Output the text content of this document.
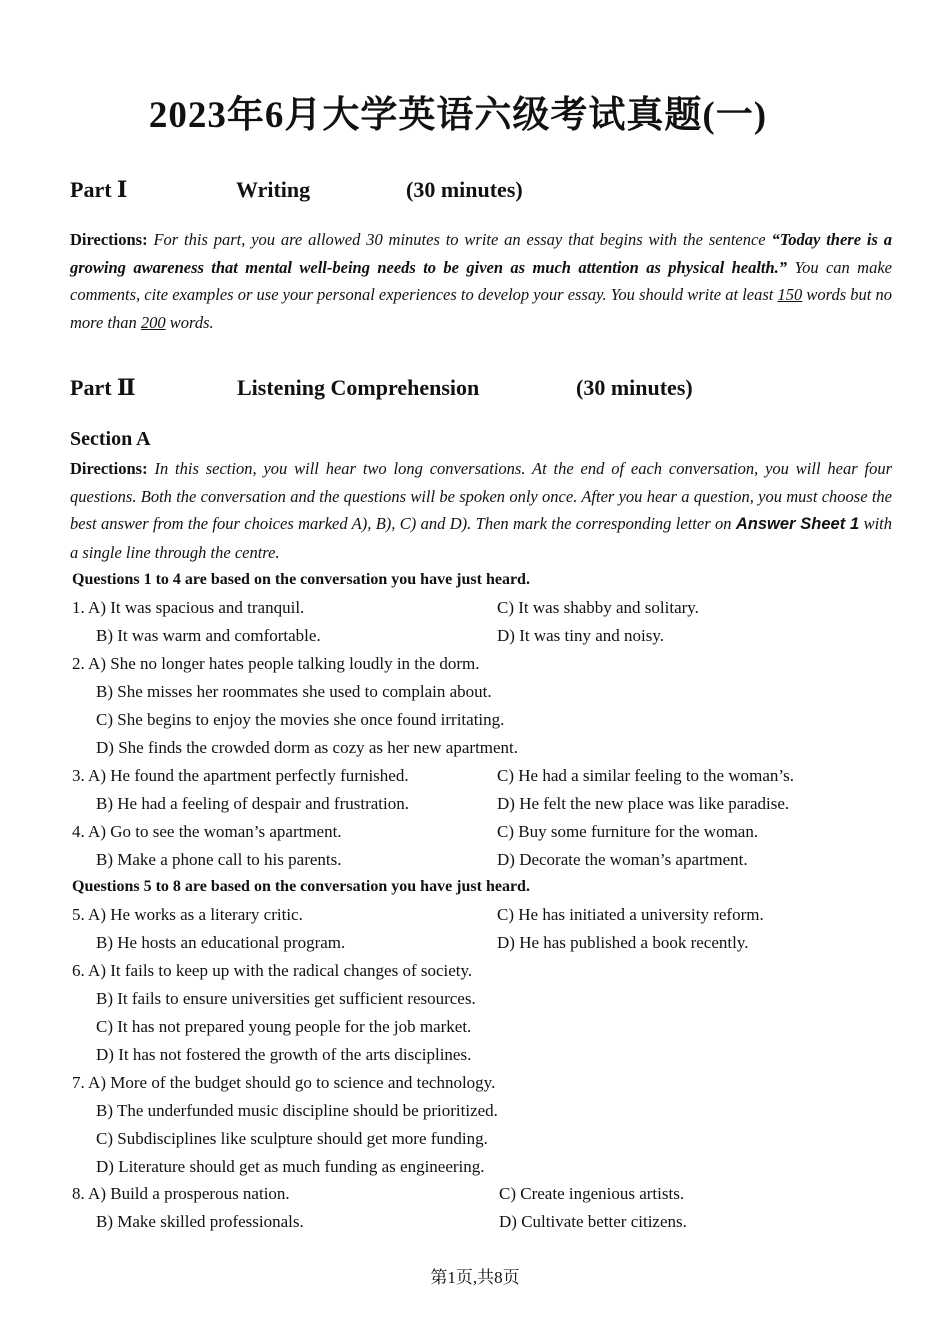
2023年6月大学英语六级考试真题(一)
Part Ⅰ	Writing	(30 minutes)
Directions: For this part, you are allowed 30 minutes to write an essay that begins with the sentence “Today there is a growing awareness that mental well-being needs to be given as much attention as physical health.” You can make comments, cite examples or use your personal experiences to develop your essay. You should write at least 150 words but no more than 200 words.
Part Ⅱ	Listening Comprehension	(30 minutes)
Section A
Directions: In this section, you will hear two long conversations. At the end of each conversation, you will hear four questions. Both the conversation and the questions will be spoken only once. After you hear a question, you must choose the best answer from the four choices marked A), B), C) and D). Then mark the corresponding letter on Answer Sheet 1 with a single line through the centre.
Questions 1 to 4 are based on the conversation you have just heard.
1. A) It was spacious and tranquil.	C) It was shabby and solitary.
B) It was warm and comfortable.	D) It was tiny and noisy.
2. A) She no longer hates people talking loudly in the dorm.
B) She misses her roommates she used to complain about.
C) She begins to enjoy the movies she once found irritating.
D) She finds the crowded dorm as cozy as her new apartment.
3. A) He found the apartment perfectly furnished.	C) He had a similar feeling to the woman’s.
B) He had a feeling of despair and frustration.	D) He felt the new place was like paradise.
4. A) Go to see the woman’s apartment.	C) Buy some furniture for the woman.
B) Make a phone call to his parents.	D) Decorate the woman’s apartment.
Questions 5 to 8 are based on the conversation you have just heard.
5. A) He works as a literary critic.	C) He has initiated a university reform.
B) He hosts an educational program.	D) He has published a book recently.
6. A) It fails to keep up with the radical changes of society.
B) It fails to ensure universities get sufficient resources.
C) It has not prepared young people for the job market.
D) It has not fostered the growth of the arts disciplines.
7. A) More of the budget should go to science and technology.
B) The underfunded music discipline should be prioritized.
C) Subdisciplines like sculpture should get more funding.
D) Literature should get as much funding as engineering.
8. A) Build a prosperous nation.	C) Create ingenious artists.
B) Make skilled professionals.	D) Cultivate better citizens.
第1页,共8页
